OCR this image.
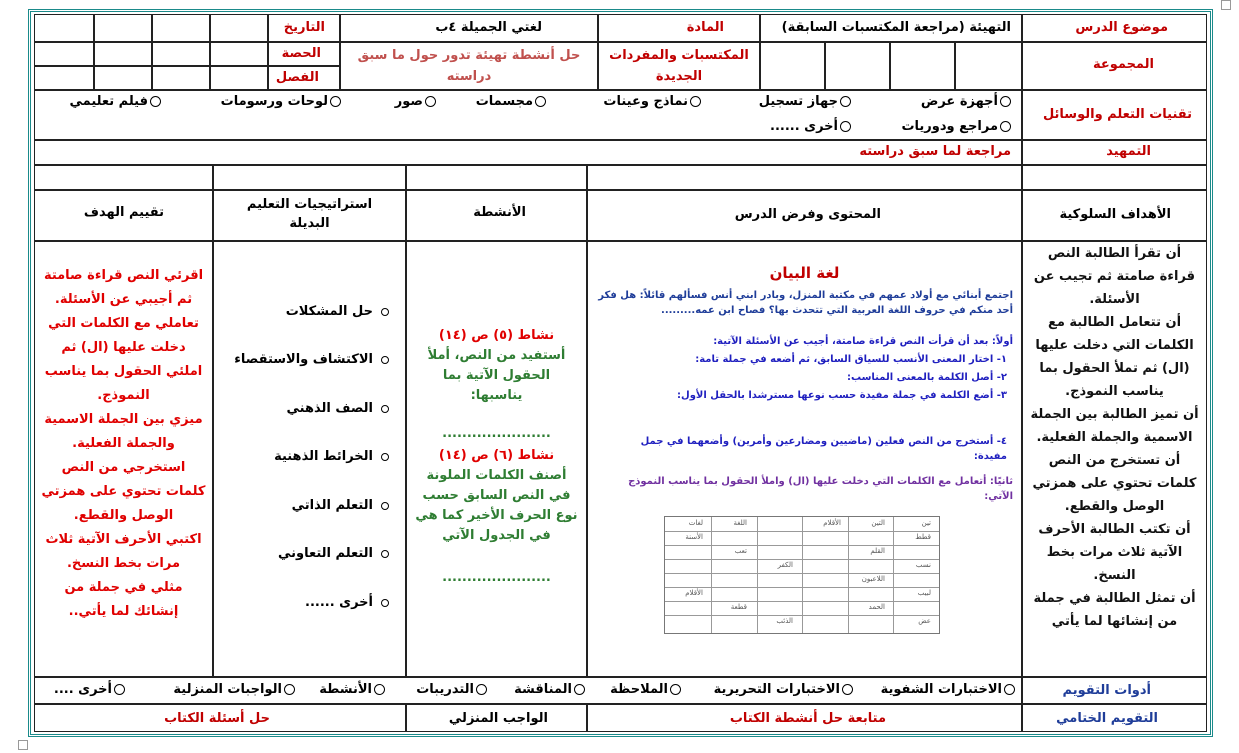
موضوع الدرس
التهيئة (مراجعة المكتسبات السابقة)
المادة
لغتي الجميلة ٤ب
التاريخ
المجموعة
المكتسبات والمفردات الجديدة
حل أنشطة تهيئة تدور حول ما سبق دراسته
الحصة
الفصل
تقنيات التعلم والوسائل
أجهزة عرض
جهاز تسجيل
نماذج وعينات
مجسمات
صور
لوحات ورسومات
فيلم تعليمي
مراجع ودوريات
أخرى ......
التمهيد
مراجعة لما سبق دراسته
الأهداف السلوكية
المحتوى وفرض الدرس
الأنشطة
استراتيجيات التعليم البديلة
تقييم الهدف
أن تقرأ الطالبة النص قراءة صامتة ثم تجيب عن الأسئلة.
أن تتعامل الطالبة مع الكلمات التي دخلت عليها (ال) ثم تملأ الحقول بما يناسب النموذج.
أن تميز الطالبة بين الجملة الاسمية والجملة الفعلية.
أن تستخرج من النص كلمات تحتوي على همزتي الوصل والقطع.
أن تكتب الطالبة الأحرف الآتية ثلاث مرات بخط النسخ.
أن تمثل الطالبة في جملة من إنشائها لما يأتي
لغة البيان
اجتمع أبنائي مع أولاد عمهم في مكتبة المنزل، وبادر ابني أنس فسألهم قائلاً: هل فكر أحد منكم في حروف اللغة العربية التي تتحدث بها؟ فصاح ابن عمه.........
أولاً: بعد أن قرأت النص قراءة صامتة، أجيب عن الأسئلة الآتية:
١- اختار المعنى الأنسب للسياق السابق، ثم أضعه في جملة تامة:
٢- أصل الكلمة بالمعنى المناسب:
٣- أضع الكلمة في جملة مفيدة حسب نوعها مسترشدا بالحقل الأول:
٤- أستخرج من النص فعلين (ماضيين ومضارعين وأمرين) وأضعهما في جمل مفيدة:
ثانيًا: أتعامل مع الكلمات التي دخلت عليها (ال) واملأ الحقول بما يناسب النموذج الآتي:
تين
التين
الأقلام
اللغة
لغات
قطط
القلم
تعب
نسب
الأسنة
اللاعبون
الكفر
لبيب
الحمد
قطعة
عض
الذئب
الأقلام
نشاط (٥) ص (١٤)
أستفيد من النص، أملأ الحقول الآتية بما يناسبها:
......................
نشاط (٦) ص (١٤)
أصنف الكلمات الملونة في النص السابق حسب نوع الحرف الأخير كما هي في الجدول الآتي
......................
حل المشكلات
الاكتشاف والاستقصاء
الصف الذهني
الخرائط الذهنية
التعلم الذاتي
التعلم التعاوني
أخرى ......
اقرئي النص قراءة صامتة ثم أجيبي عن الأسئلة.
تعاملي مع الكلمات التي دخلت عليها (ال) ثم املئي الحقول بما يناسب النموذج.
ميزي بين الجملة الاسمية والجملة الفعلية.
استخرجي من النص كلمات تحتوي على همزتي الوصل والقطع.
اكتبي الأحرف الآتية ثلاث مرات بخط النسخ.
مثلي في جملة من إنشائك لما يأتي..
أدوات التقويم
الاختبارات الشفوية
الاختبارات التحريرية
الملاحظة
المناقشة
التدريبات
الأنشطة
الواجبات المنزلية
أخرى ....
التقويم الختامي
متابعة حل أنشطة الكتاب
الواجب المنزلي
حل أسئلة الكتاب
